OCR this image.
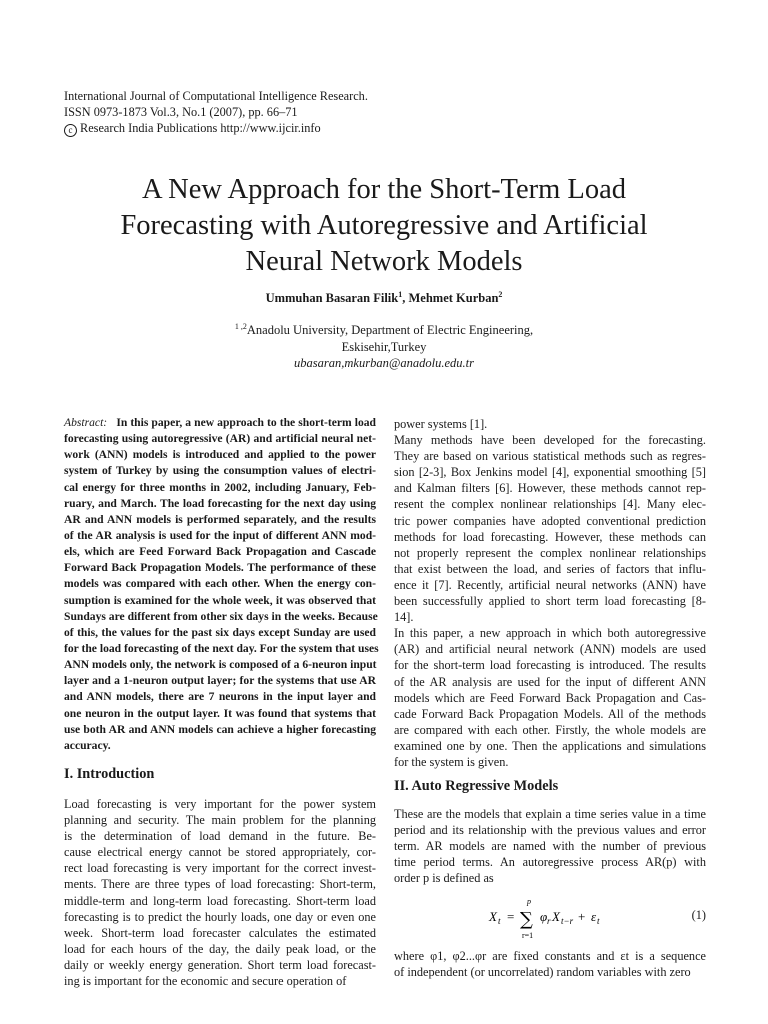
International Journal of Computational Intelligence Research.
ISSN 0973-1873 Vol.3, No.1 (2007), pp. 66–71
c Research India Publications http://www.ijcir.info
A New Approach for the Short-Term Load
Forecasting with Autoregressive and Artificial
Neural Network Models
Ummuhan Basaran Filik$^1$, Mehmet Kurban$^2$
$^{1 ,2}$Anadolu University, Department of Electric Engineering,
Eskisehir,Turkey
ubasaran,mkurban@anadolu.edu.tr
Abstract: In this paper, a new approach to the short-term load
forecasting using autoregressive (AR) and artificial neural net-
work (ANN) models is introduced and applied to the power
system of Turkey by using the consumption values of electri-
cal energy for three months in 2002, including January, Feb-
ruary, and March. The load forecasting for the next day using
AR and ANN models is performed separately, and the results
of the AR analysis is used for the input of different ANN mod-
els, which are Feed Forward Back Propagation and Cascade
Forward Back Propagation Models. The performance of these
models was compared with each other. When the energy con-
sumption is examined for the whole week, it was observed that
Sundays are different from other six days in the weeks. Because
of this, the values for the past six days except Sunday are used
for the load forecasting of the next day. For the system that uses
ANN models only, the network is composed of a 6-neuron input
layer and a 1-neuron output layer; for the systems that use AR
and ANN models, there are 7 neurons in the input layer and
one neuron in the output layer. It was found that systems that
use both AR and ANN models can achieve a higher forecasting
accuracy.
I. Introduction
Load forecasting is very important for the power system
planning and security. The main problem for the planning
is the determination of load demand in the future. Be-
cause electrical energy cannot be stored appropriately, cor-
rect load forecasting is very important for the correct invest-
ments. There are three types of load forecasting: Short-term,
middle-term and long-term load forecasting. Short-term load
forecasting is to predict the hourly loads, one day or even one
week. Short-term load forecaster calculates the estimated
load for each hours of the day, the daily peak load, or the
daily or weekly energy generation. Short term load forecast-
ing is important for the economic and secure operation of
power systems [1].
Many methods have been developed for the forecasting.
They are based on various statistical methods such as regres-
sion [2-3], Box Jenkins model [4], exponential smoothing [5]
and Kalman filters [6]. However, these methods cannot rep-
resent the complex nonlinear relationships [4]. Many elec-
tric power companies have adopted conventional prediction
methods for load forecasting. However, these methods can
not properly represent the complex nonlinear relationships
that exist between the load, and series of factors that influ-
ence it [7]. Recently, artificial neural networks (ANN) have
been successfully applied to short term load forecasting [8-
14].
In this paper, a new approach in which both autoregressive
(AR) and artificial neural network (ANN) models are used
for the short-term load forecasting is introduced. The results
of the AR analysis are used for the input of different ANN
models which are Feed Forward Back Propagation and Cas-
cade Forward Back Propagation Models. All of the methods
are compared with each other. Firstly, the whole models are
examined one by one. Then the applications and simulations
for the system is given.
II. Auto Regressive Models
These are the models that explain a time series value in a time
period and its relationship with the previous values and error
term. AR models are named with the number of previous
time period terms. An autoregressive process AR(p) with
order p is defined as
X t =
p
∑
r=1
φ r X t−r + ε t	(1)
where φ1, φ2...φr are fixed constants and εt is a sequence
of independent (or uncorrelated) random variables with zero
